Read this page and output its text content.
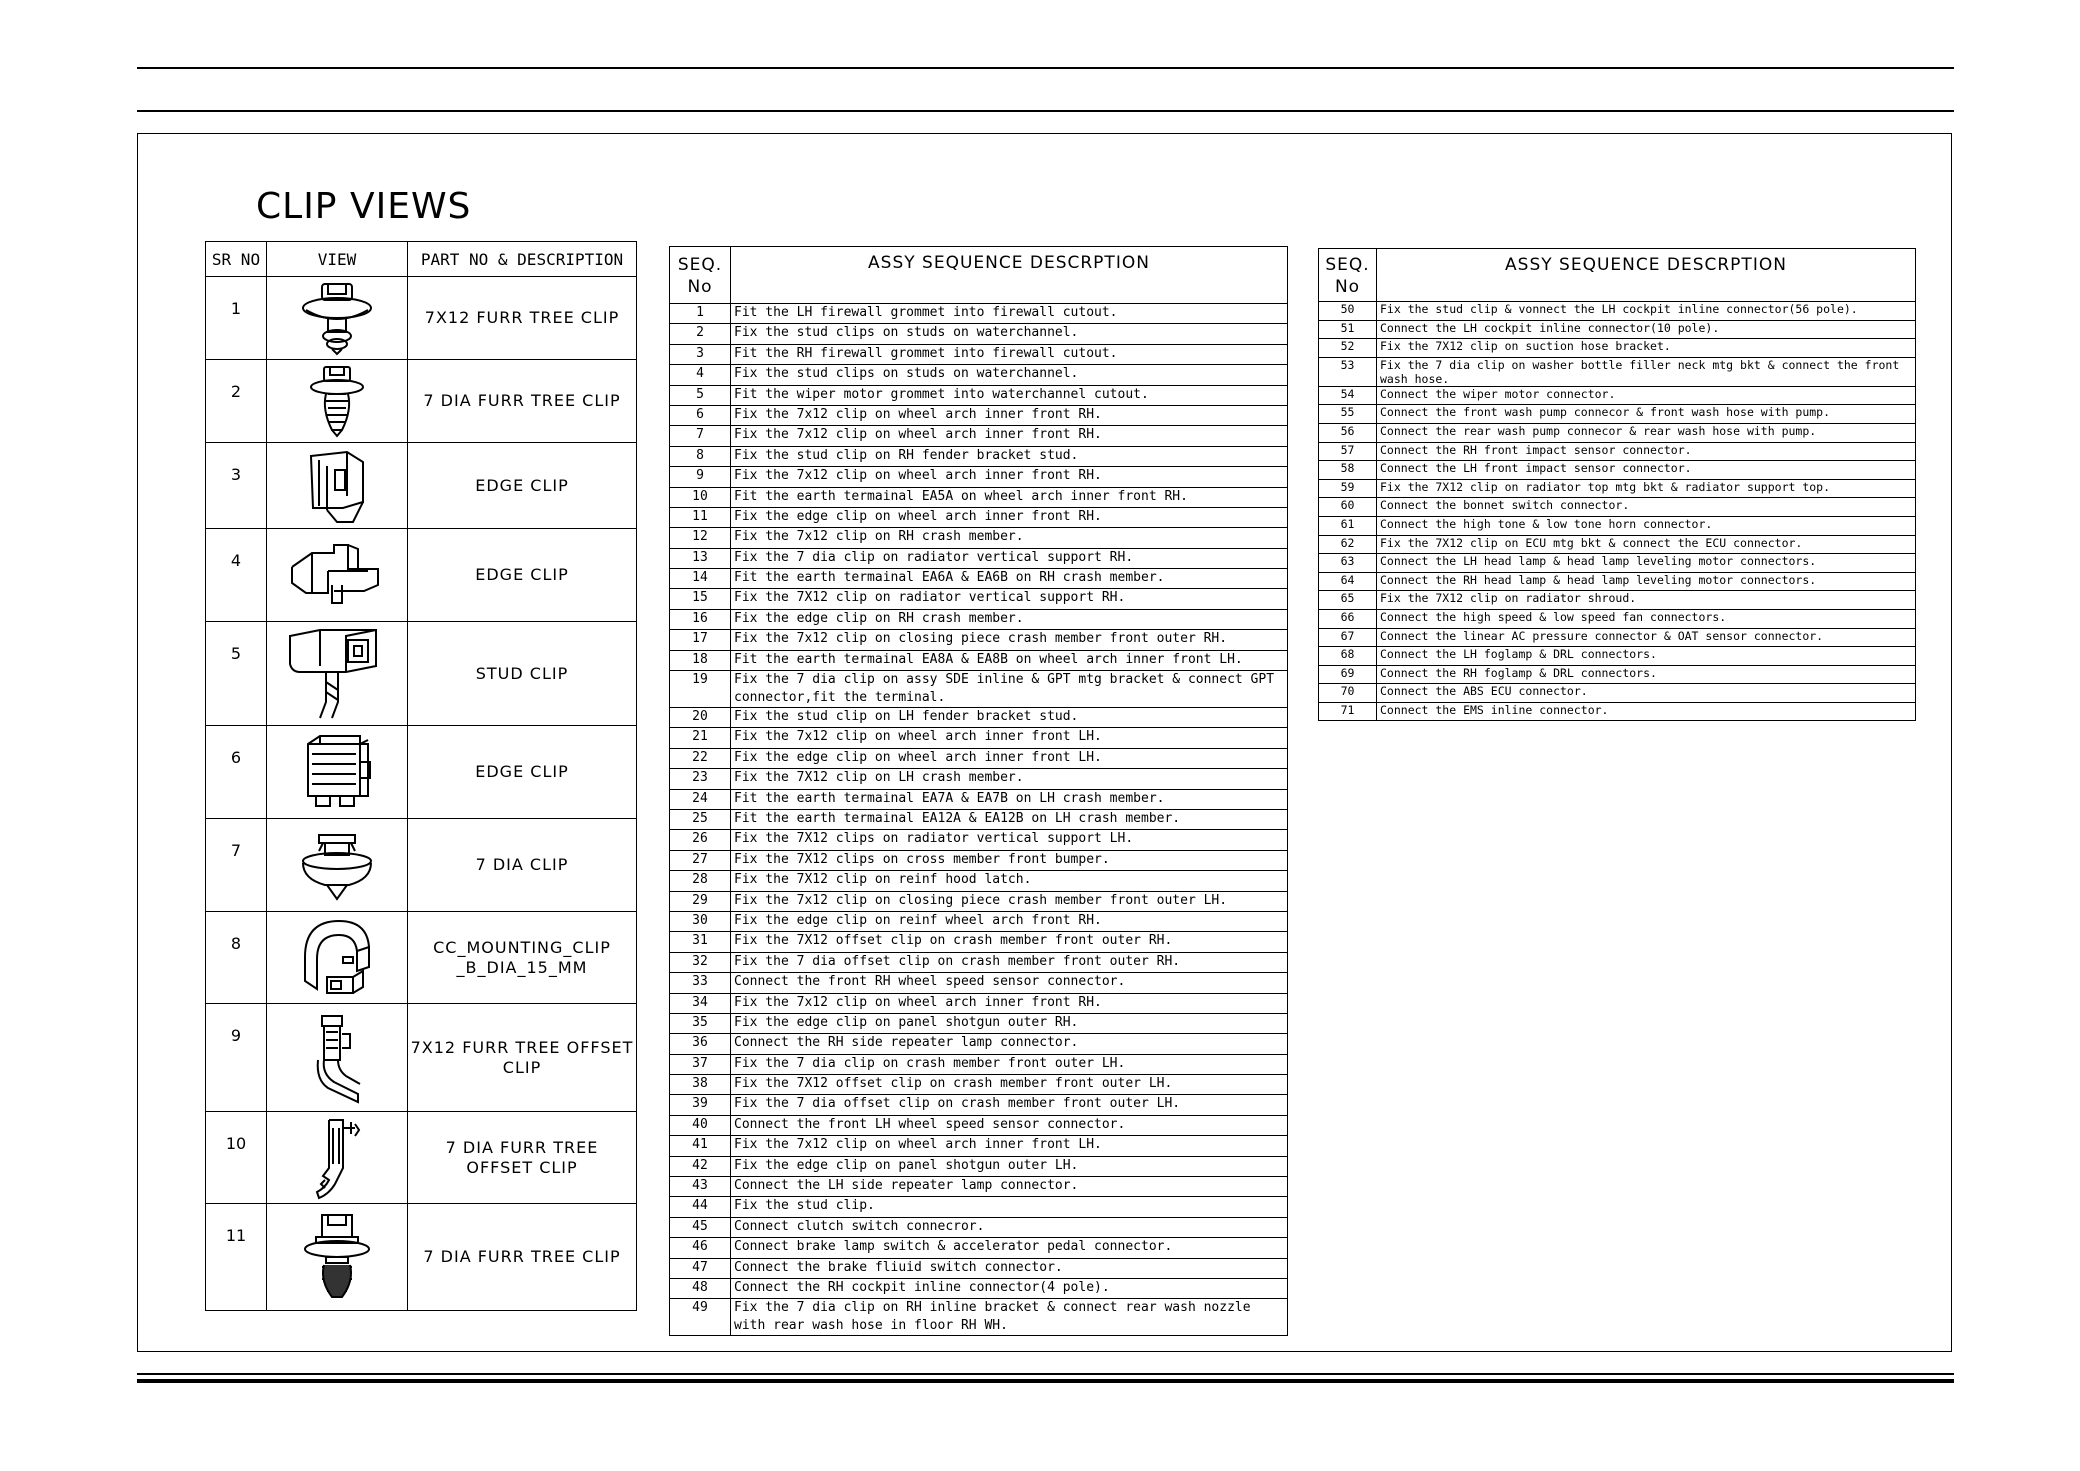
CLIP VIEWS
SR NO	VIEW	PART NO & DESCRIPTION
1		7X12 FURR TREE CLIP
2		7 DIA FURR TREE CLIP
3		EDGE CLIP
4		EDGE CLIP
5		STUD CLIP
6		EDGE CLIP
7		7 DIA CLIP
8		CC_MOUNTING_CLIP
_B_DIA_15_MM
9		7X12 FURR TREE OFFSET
CLIP
10		7 DIA FURR TREE
OFFSET CLIP
11		7 DIA FURR TREE CLIP
SEQ.
No	ASSY SEQUENCE DESCRPTION
1	Fit the LH firewall grommet into firewall cutout.
2	Fix the stud clips on studs on waterchannel.
3	Fit the RH firewall grommet into firewall cutout.
4	Fix the stud clips on studs on waterchannel.
5	Fit the wiper motor grommet into waterchannel cutout.
6	Fix the 7x12 clip on wheel arch inner front RH.
7	Fix the 7x12 clip on wheel arch inner front RH.
8	Fix the stud clip on RH fender bracket stud.
9	Fix the 7x12 clip on wheel arch inner front RH.
10	Fit the earth termainal EA5A on wheel arch inner front RH.
11	Fix the edge clip on wheel arch inner front RH.
12	Fix the 7x12 clip on RH crash member.
13	Fix the 7 dia clip on radiator vertical support RH.
14	Fit the earth termainal EA6A & EA6B on RH crash member.
15	Fix the 7X12 clip on radiator vertical support RH.
16	Fix the edge clip on RH crash member.
17	Fix the 7x12 clip on closing piece crash member front outer RH.
18	Fit the earth termainal EA8A & EA8B on wheel arch inner front LH.
19	Fix the 7 dia clip on assy SDE inline & GPT mtg bracket & connect GPT connector,fit the terminal.
20	Fix the stud clip on LH fender bracket stud.
21	Fix the 7x12 clip on wheel arch inner front LH.
22	Fix the edge clip on wheel arch inner front LH.
23	Fix the 7X12 clip on LH crash member.
24	Fit the earth termainal EA7A & EA7B on LH crash member.
25	Fit the earth termainal EA12A & EA12B on LH crash member.
26	Fix the 7X12 clips on radiator vertical support LH.
27	Fix the 7X12 clips on cross member front bumper.
28	Fix the 7X12 clip on reinf hood latch.
29	Fix the 7x12 clip on closing piece crash member front outer LH.
30	Fix the edge clip on reinf wheel arch front RH.
31	Fix the 7X12 offset clip on crash member front outer RH.
32	Fix the 7 dia offset clip on crash member front outer RH.
33	Connect the front RH wheel speed sensor connector.
34	Fix the 7x12 clip on wheel arch inner front RH.
35	Fix the edge clip on panel shotgun outer RH.
36	Connect the RH side repeater lamp connector.
37	Fix the 7 dia clip on crash member front outer LH.
38	Fix the 7X12 offset clip on crash member front outer LH.
39	Fix the 7 dia offset clip on crash member front outer LH.
40	Connect the front LH wheel speed sensor connector.
41	Fix the 7x12 clip on wheel arch inner front LH.
42	Fix the edge clip on panel shotgun outer LH.
43	Connect the LH side repeater lamp connector.
44	Fix the stud clip.
45	Connect clutch switch connecror.
46	Connect brake lamp switch & accelerator pedal connector.
47	Connect the brake fliuid switch connector.
48	Connect the RH cockpit inline connector(4 pole).
49	Fix the 7 dia clip on RH inline bracket & connect rear wash nozzle with rear wash hose in floor RH WH.
SEQ.
No	ASSY SEQUENCE DESCRPTION
50	Fix the stud clip & vonnect the LH cockpit inline connector(56 pole).
51	Connect the LH cockpit inline connector(10 pole).
52	Fix the 7X12 clip on suction hose bracket.
53	Fix the 7 dia clip on washer bottle filler neck mtg bkt & connect the front wash hose.
54	Connect the wiper motor connector.
55	Connect the front wash pump connecor & front wash hose with pump.
56	Connect the rear wash pump connecor & rear wash hose with pump.
57	Connect the RH front impact sensor connector.
58	Connect the LH front impact sensor connector.
59	Fix the 7X12 clip on radiator top mtg bkt & radiator support top.
60	Connect the bonnet switch connector.
61	Connect the high tone & low tone horn connector.
62	Fix the 7X12 clip on ECU mtg bkt & connect the ECU connector.
63	Connect the LH head lamp & head lamp leveling motor connectors.
64	Connect the RH head lamp & head lamp leveling motor connectors.
65	Fix the 7X12 clip on radiator shroud.
66	Connect the high speed & low speed fan connectors.
67	Connect the linear AC pressure connector & OAT sensor connector.
68	Connect the LH foglamp & DRL connectors.
69	Connect the RH foglamp & DRL connectors.
70	Connect the ABS ECU connector.
71	Connect the EMS inline connector.
